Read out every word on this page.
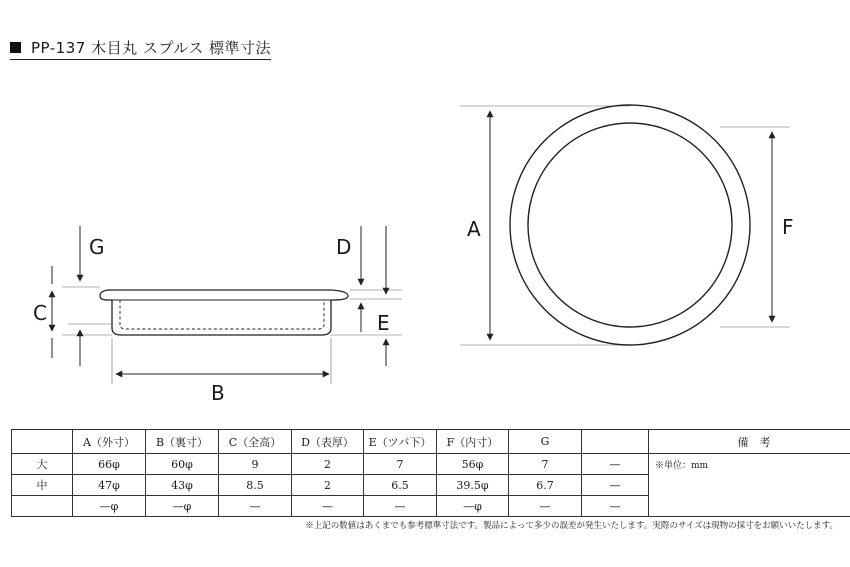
PP-137 木目丸 スプルス 標準寸法
G
C
B
D
E
A	F
	A（外寸）	B（裏寸）	C（全高）	D（表厚）	E（ツバ下）	F（内寸）	G		備　考
大	66φ	60φ	9	2	7	56φ	7	—	※単位：mm
中	47φ	43φ	8.5	2	6.5	39.5φ	6.7	—	
	—φ	—φ	—	—	—	—φ	—	—	
※上記の数値はあくまでも参考標準寸法です。製品によって多少の誤差が発生いたします。実際のサイズは現物の採寸をお願いいたします。
